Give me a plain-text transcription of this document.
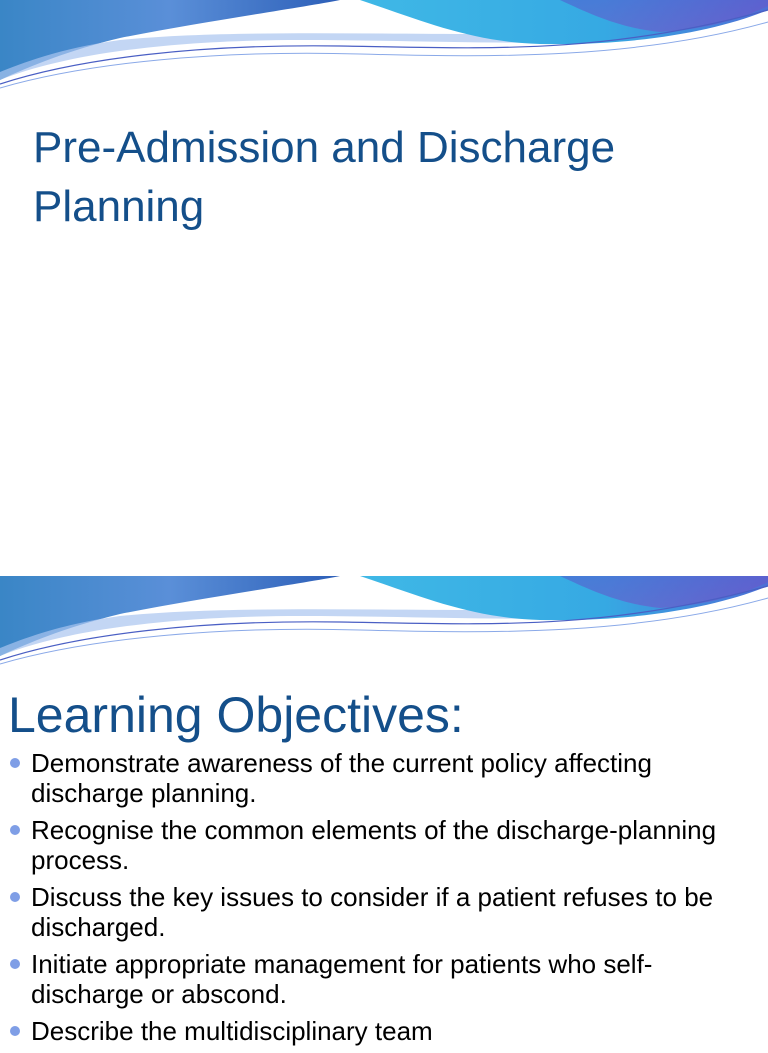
Pre-Admission and Discharge Planning
Learning Objectives:
Demonstrate awareness of the current policy affecting discharge planning.
Recognise the common elements of the discharge-planning process.
Discuss the key issues to consider if a patient refuses to be discharged.
Initiate appropriate management for patients who self-discharge or abscond.
Describe the multidisciplinary team
